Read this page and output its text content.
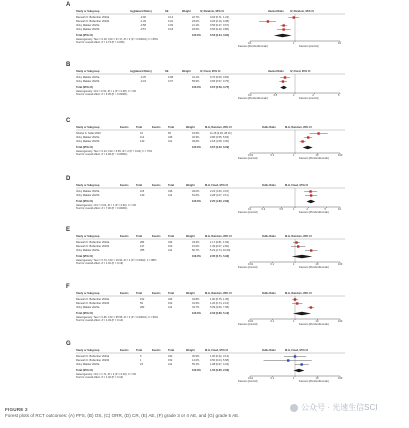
A
Study or Subgroup	log[Hazard Ratio]	SE	Weight	IV, Random, 95% CI	Hazard Ratio IV, Random, 95% CI
Ramesh K. Bollember 2023a	-0.06	0.14	22.7%	0.94 [0.71, 1.24]
Ramesh K. Bollember 2023b	-1.39	0.22	23.0%	0.25 [0.16, 0.38]
Vicky Makker 2023a	-0.58	0.09	21.1%	0.56 [0.47, 0.67]
Vicky Makker 2023b	-0.57	0.18	18.6%	0.56 [0.40, 0.80]
Total (95% CI)	100.0%	0.53 [0.34, 0.84]
Heterogeneity: Tau² = 0.19; Chi² = 27.17, df = 3 (P < 0.00001); I² = 89%
Test for overall effect: Z = 2.73 (P = 0.006)	0.1	1	10
Favours [Pembrolizumab]	Favours [control]
B
Study or Subgroup	log[Hazard Ratio]	SE	Weight	IV, Fixed, 95% CI	Hazard Ratio IV, Fixed, 95% CI
Vicky Makker 2023a	-0.35	0.08	44.1%	0.70 [0.59, 0.84]
Vicky Makker 2023b	-0.43	0.07	55.9%	0.65 [0.57, 0.75]
Total (95% CI)	100.0%	0.67 [0.59, 0.75]
Heterogeneity: Chi² = 0.51, df = 1 (P = 0.48); I² = 0%
Test for overall effect: Z = 6.35 (P < 0.00001)	0.2	0.5	1	2	5
Favours [Pembrolizumab]	Favours [control]
C
Study or Subgroup	Events	Total	Events	Total	Weight	M-H, Random, 95% CI	Odds Ratio	M-H, Random, 95% CI
Shohei S. Sollei 2022	16	65	19.5%	11.15 [4.39, 28.31]
Vicky Makker 2023a	112	346	40.9%	3.86 [2.55, 5.84]
Vicky Makker 2023b	140	411	39.6%	2.18 [1.58, 3.00]
Total (95% CI)	100.0%	3.67 [2.20, 6.09]
Heterogeneity: Tau² = 0.14; Chi² = 6.65, df = 2 (P = 0.04); I² = 70%
Test for overall effect: Z = 4.99 (P < 0.00001)	0.01	0.1	1	10	100
Favours [control]	Favours [Pembrolizumab]
D
Study or Subgroup	Events	Total	Events	Total	Weight	M-H, Fixed, 95% CI	Odds Ratio	M-H, Fixed, 95% CI
Vicky Makker 2023a	115	346	49.0%	2.22 [1.60, 3.10]
Vicky Makker 2023b	140	411	51.0%	2.28 [1.67, 3.11]
Total (95% CI)	100.0%	2.25 [1.80, 2.82]
Heterogeneity: Chi² = 0.01, df = 1 (P = 0.92); I² = 0%
Test for overall effect: Z = 7.06 (P < 0.00001)	0.1	0.2	0.5	1	2	5	10
Favours [control]	Favours [Pembrolizumab]
E
Study or Subgroup	Events	Total	Events	Total	Weight	M-H, Random, 95% CI	Odds Ratio	M-H, Random, 95% CI
Ramesh K. Bollember 2023a	284	342	33.3%	1.17 [0.81, 1.69]
Ramesh K. Bollember 2023b	137	152	16.0%	1.39 [0.67, 2.90]
Vicky Makker 2023a	355	411	50.7%	5.23 [2.74, 10.00]
Total (95% CI)	100.0%	2.05 [0.71, 5.93]
Heterogeneity: Tau² = 0.74; Chi² = 16.90, df = 2 (P = 0.0002); I² = 88%
Test for overall effect: Z = 1.32 (P = 0.19)	0.01	0.1	1	10	100
Favours [control]	Favours [Pembrolizumab]
F
Study or Subgroup	Events	Total	Events	Total	Weight	M-H, Random, 95% CI	Odds Ratio	M-H, Random, 95% CI
Ramesh K. Bollember 2023a	152	342	34.8%	1.00 [0.75, 1.35]
Ramesh K. Bollember 2023b	59	152	31.5%	1.26 [0.74, 2.16]
Vicky Makker 2023a	282	411	33.7%	5.09 [3.66, 7.08]
Total (95% CI)	100.0%	2.03 [0.80, 5.19]
Heterogeneity: Tau² = 0.66; Chi² = 55.55, df = 2 (P < 0.00001); I² = 96%
Test for overall effect: Z = 1.49 (P = 0.14)	0.01	0.1	1	10	100
Favours [control]	Favours [Pembrolizumab]
G
Study or Subgroup	Events	Total	Events	Total	Weight	M-H, Fixed, 95% CI	Odds Ratio	M-H, Fixed, 95% CI
Ramesh K. Bollember 2023a	6	342	30.9%	1.00 [0.32, 3.13]
Ramesh K. Bollember 2023b	1	152	14.0%	0.50 [0.04, 5.58]
Vicky Makker 2023a	23	411	55.1%	1.98 [0.97, 4.04]
Total (95% CI)	100.0%	1.50 [0.85, 2.63]
Heterogeneity: Chi² = 1.71, df = 2 (P = 0.43); I² = 0%
Test for overall effect: Z = 1.40 (P = 0.16)	0.01	0.1	1	10	100
Favours [control]	Favours [Pembrolizumab]
FIGURE 2
Forest plots of RCT outcomes: (A) PFS, (B) OS, (C) ORR, (D) CR, (E) AE, (F) grade 3 or 4 AE, and (G) grade 5 AE.
公众号 · 光速生信SCI
